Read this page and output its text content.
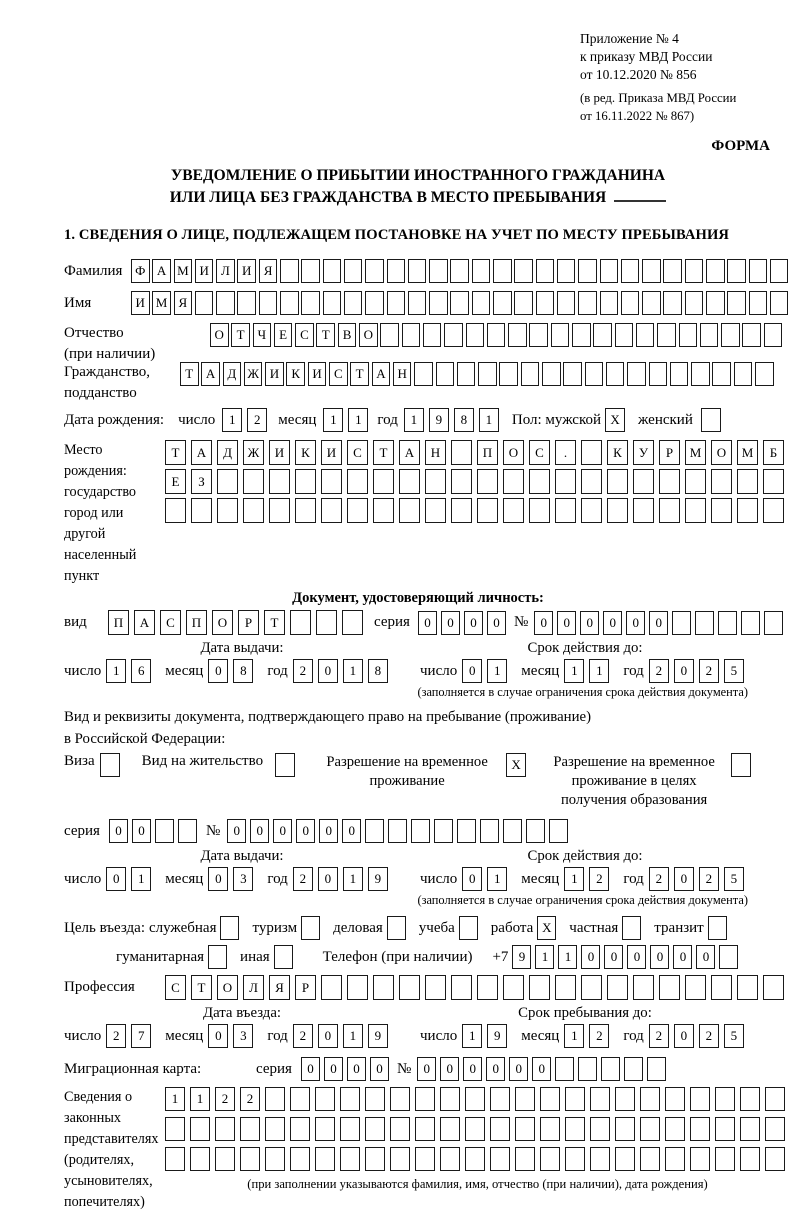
Приложение № 4
к приказу МВД России
от 10.12.2020 № 856
(в ред. Приказа МВД России
от 16.11.2022 № 867)
ФОРМА
УВЕДОМЛЕНИЕ О ПРИБЫТИИ ИНОСТРАННОГО ГРАЖДАНИНА
ИЛИ ЛИЦА БЕЗ ГРАЖДАНСТВА В МЕСТО ПРЕБЫВАНИЯ
1. СВЕДЕНИЯ О ЛИЦЕ, ПОДЛЕЖАЩЕМ ПОСТАНОВКЕ НА УЧЕТ ПО МЕСТУ ПРЕБЫВАНИЯ
Фамилия Ф А М И Л И Я
Имя	И М Я
Отчество
(при наличии)
О Т	Ч	Е С Т В О
Гражданство,
подданство
Т А Д Ж И К И С Т А Н
Дата рождения: число	1	2	месяц	1	1	год 1	9	8	1	Пол: мужской X	женский
Место рождения:
государство
город или другой
населенный пункт
Т	А	Д	Ж	И	К	И	С	Т	А	Н	П	О	С	.	К	У	Р	М	О	М	Б
Е	З
Документ, удостоверяющий личность:
вид	П	А	С	П	О	Р	Т	серия	0	0	0	0 № 0	0	0	0	0	0
Дата выдачи:
число 1	6	месяц 0	8	год 2	0	1	8
Срок действия до:
число 0	1	месяц 1	1	год 2	0	2	5
(заполняется в случае ограничения срока действия документа)
Вид и реквизиты документа, подтверждающего право на пребывание (проживание)
в Российской Федерации:
Виза	Вид на жительство	Разрешение на временное
проживание
X	Разрешение на временное
проживание в целях
получения образования
серия	0	0	№	0	0	0	0	0	0
Дата выдачи:
число 0	1	месяц 0	3	год 2	0	1	9
Срок действия до:
число 0	1	месяц 1	2	год 2	0	2	5
(заполняется в случае ограничения срока действия документа)
Цель въезда: служебная туризм деловая учеба работа X	частная транзит
гуманитарная иная	Телефон (при наличии) +7 9	1	1	0	0	0	0	0	0
Профессия	С	Т	О	Л	Я	Р
Дата въезда:
число 2	7	месяц 0	3	год 2	0	1	9
Срок пребывания до:
число 1	9	месяц 1	2	год 2	0	2	5
Миграционная карта:	серия	0	0	0	0 № 0	0	0	0	0	0
Сведения о
законных
представителях
(родителях,
усыновителях,
попечителях)
1	1	2	2
(при заполнении указываются фамилия, имя, отчество (при наличии), дата рождения)
